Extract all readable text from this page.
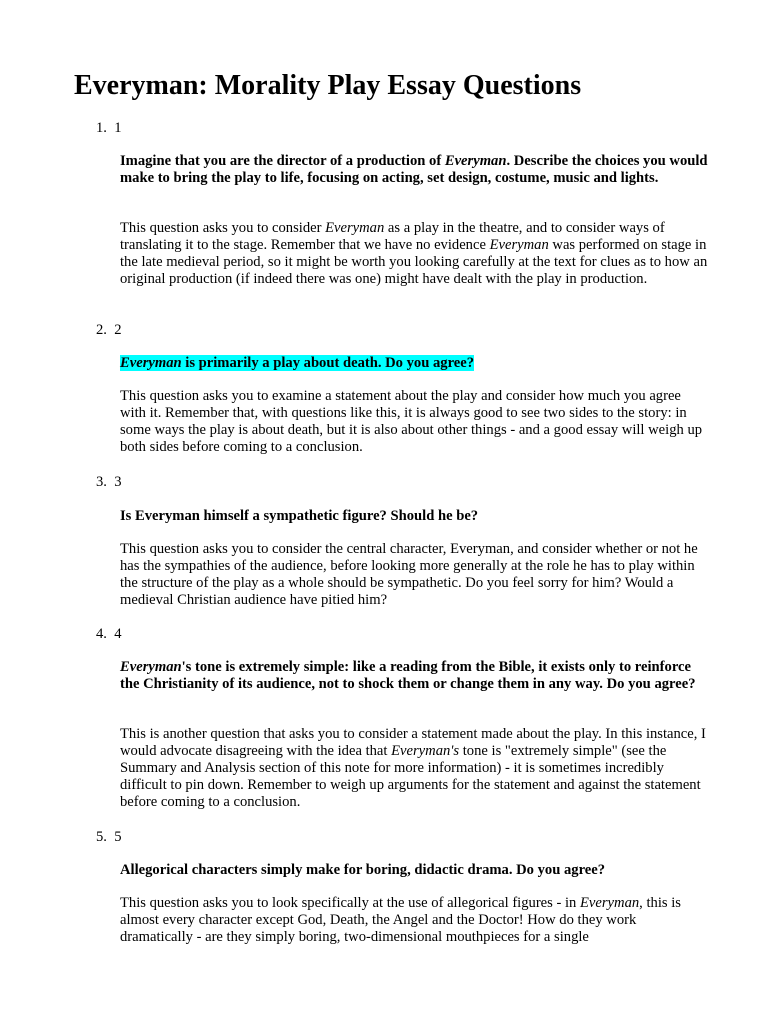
Everyman: Morality Play Essay Questions
1. 1

Imagine that you are the director of a production of Everyman. Describe the choices you would make to bring the play to life, focusing on acting, set design, costume, music and lights.

This question asks you to consider Everyman as a play in the theatre, and to consider ways of translating it to the stage. Remember that we have no evidence Everyman was performed on stage in the late medieval period, so it might be worth you looking carefully at the text for clues as to how an original production (if indeed there was one) might have dealt with the play in production.

2. 2

Everyman is primarily a play about death. Do you agree?

This question asks you to examine a statement about the play and consider how much you agree with it. Remember that, with questions like this, it is always good to see two sides to the story: in some ways the play is about death, but it is also about other things - and a good essay will weigh up both sides before coming to a conclusion.

3. 3

Is Everyman himself a sympathetic figure? Should he be?

This question asks you to consider the central character, Everyman, and consider whether or not he has the sympathies of the audience, before looking more generally at the role he has to play within the structure of the play as a whole should be sympathetic. Do you feel sorry for him? Would a medieval Christian audience have pitied him?

4. 4

Everyman's tone is extremely simple: like a reading from the Bible, it exists only to reinforce the Christianity of its audience, not to shock them or change them in any way. Do you agree?

This is another question that asks you to consider a statement made about the play. In this instance, I would advocate disagreeing with the idea that Everyman's tone is "extremely simple" (see the Summary and Analysis section of this note for more information) - it is sometimes incredibly difficult to pin down. Remember to weigh up arguments for the statement and against the statement before coming to a conclusion.

5. 5

Allegorical characters simply make for boring, didactic drama. Do you agree?

This question asks you to look specifically at the use of allegorical figures - in Everyman, this is almost every character except God, Death, the Angel and the Doctor! How do they work dramatically - are they simply boring, two-dimensional mouthpieces for a single
